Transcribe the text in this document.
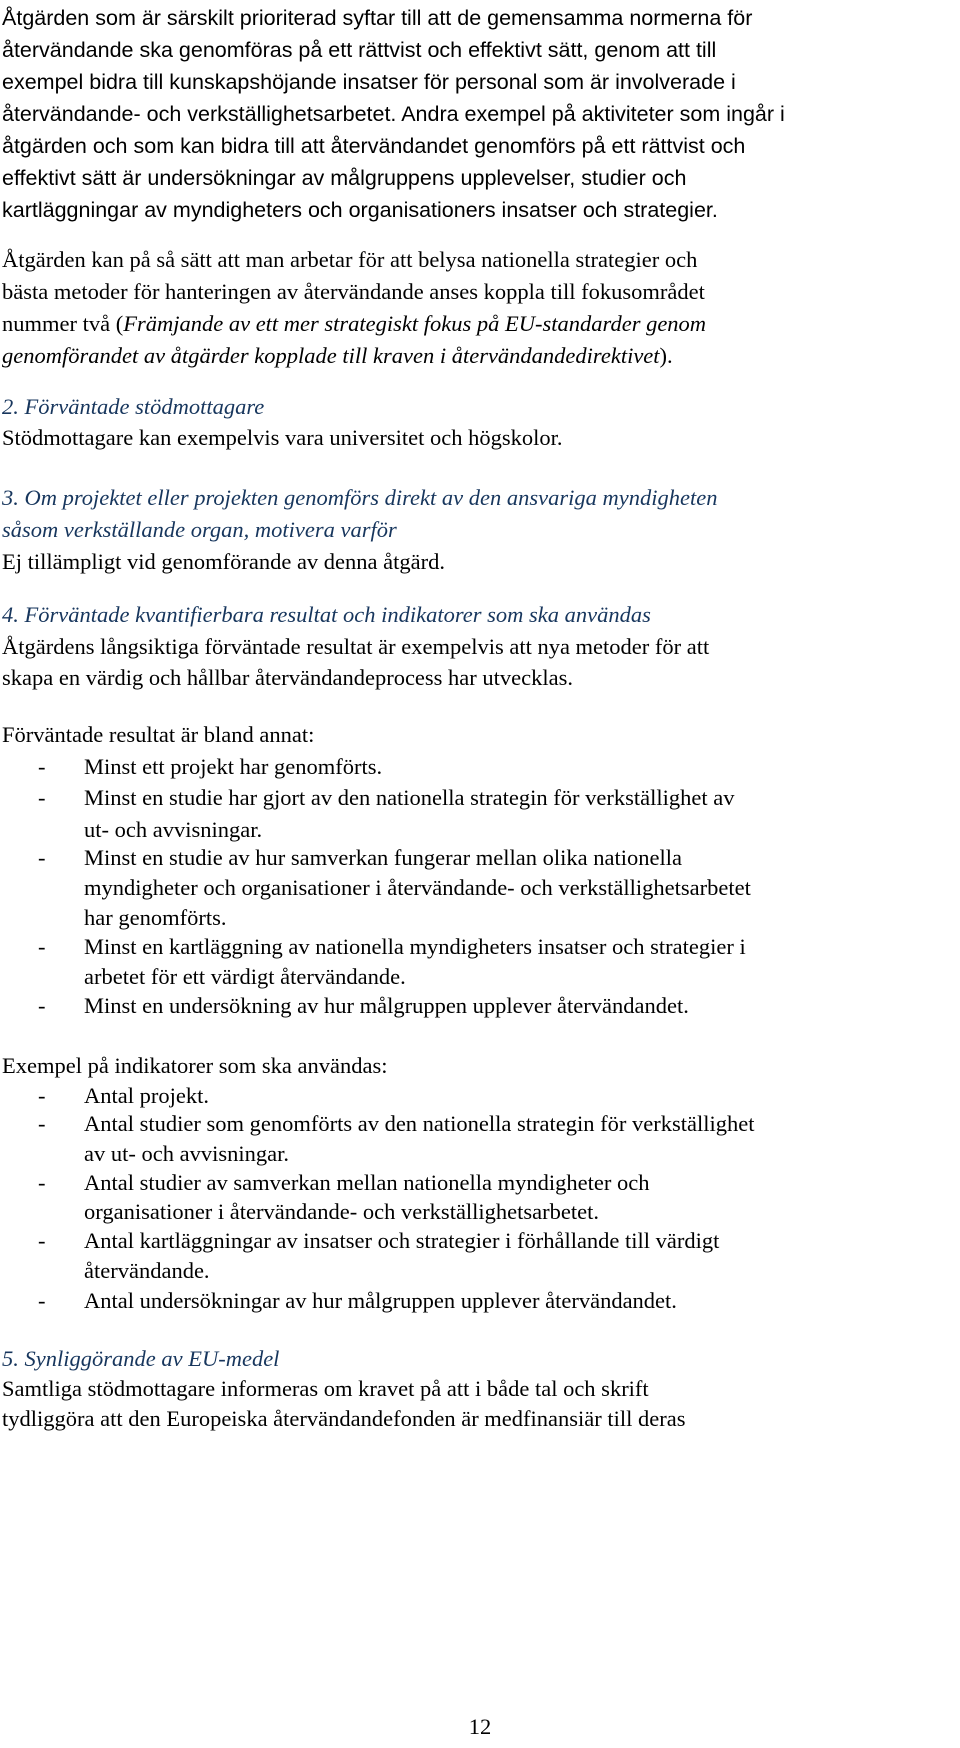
Åtgärden som är särskilt prioriterad syftar till att de gemensamma normerna för
återvändande ska genomföras på ett rättvist och effektivt sätt, genom att till
exempel bidra till kunskapshöjande insatser för personal som är involverade i
återvändande- och verkställighetsarbetet. Andra exempel på aktiviteter som ingår i
åtgärden och som kan bidra till att återvändandet genomförs på ett rättvist och
effektivt sätt är undersökningar av målgruppens upplevelser, studier och
kartläggningar av myndigheters och organisationers insatser och strategier.
Åtgärden kan på så sätt att man arbetar för att belysa nationella strategier och
bästa metoder för hanteringen av återvändande anses koppla till fokusområdet
nummer två (Främjande av ett mer strategiskt fokus på EU-standarder genom
genomförandet av åtgärder kopplade till kraven i återvändandedirektivet).
2. Förväntade stödmottagare
Stödmottagare kan exempelvis vara universitet och högskolor.
3. Om projektet eller projekten genomförs direkt av den ansvariga myndigheten
såsom verkställande organ, motivera varför
Ej tillämpligt vid genomförande av denna åtgärd.
4. Förväntade kvantifierbara resultat och indikatorer som ska användas
Åtgärdens långsiktiga förväntade resultat är exempelvis att nya metoder för att
skapa en värdig och hållbar återvändandeprocess har utvecklas.
Förväntade resultat är bland annat:
- Minst ett projekt har genomförts.
- Minst en studie har gjort av den nationella strategin för verkställighet av
ut- och avvisningar.
- Minst en studie av hur samverkan fungerar mellan olika nationella
myndigheter och organisationer i återvändande- och verkställighetsarbetet
har genomförts.
- Minst en kartläggning av nationella myndigheters insatser och strategier i
arbetet för ett värdigt återvändande.
- Minst en undersökning av hur målgruppen upplever återvändandet.
Exempel på indikatorer som ska användas:
- Antal projekt.
- Antal studier som genomförts av den nationella strategin för verkställighet
av ut- och avvisningar.
- Antal studier av samverkan mellan nationella myndigheter och
organisationer i återvändande- och verkställighetsarbetet.
- Antal kartläggningar av insatser och strategier i förhållande till värdigt
återvändande.
- Antal undersökningar av hur målgruppen upplever återvändandet.
5. Synliggörande av EU-medel
Samtliga stödmottagare informeras om kravet på att i både tal och skrift
tydliggöra att den Europeiska återvändandefonden är medfinansiär till deras
12
